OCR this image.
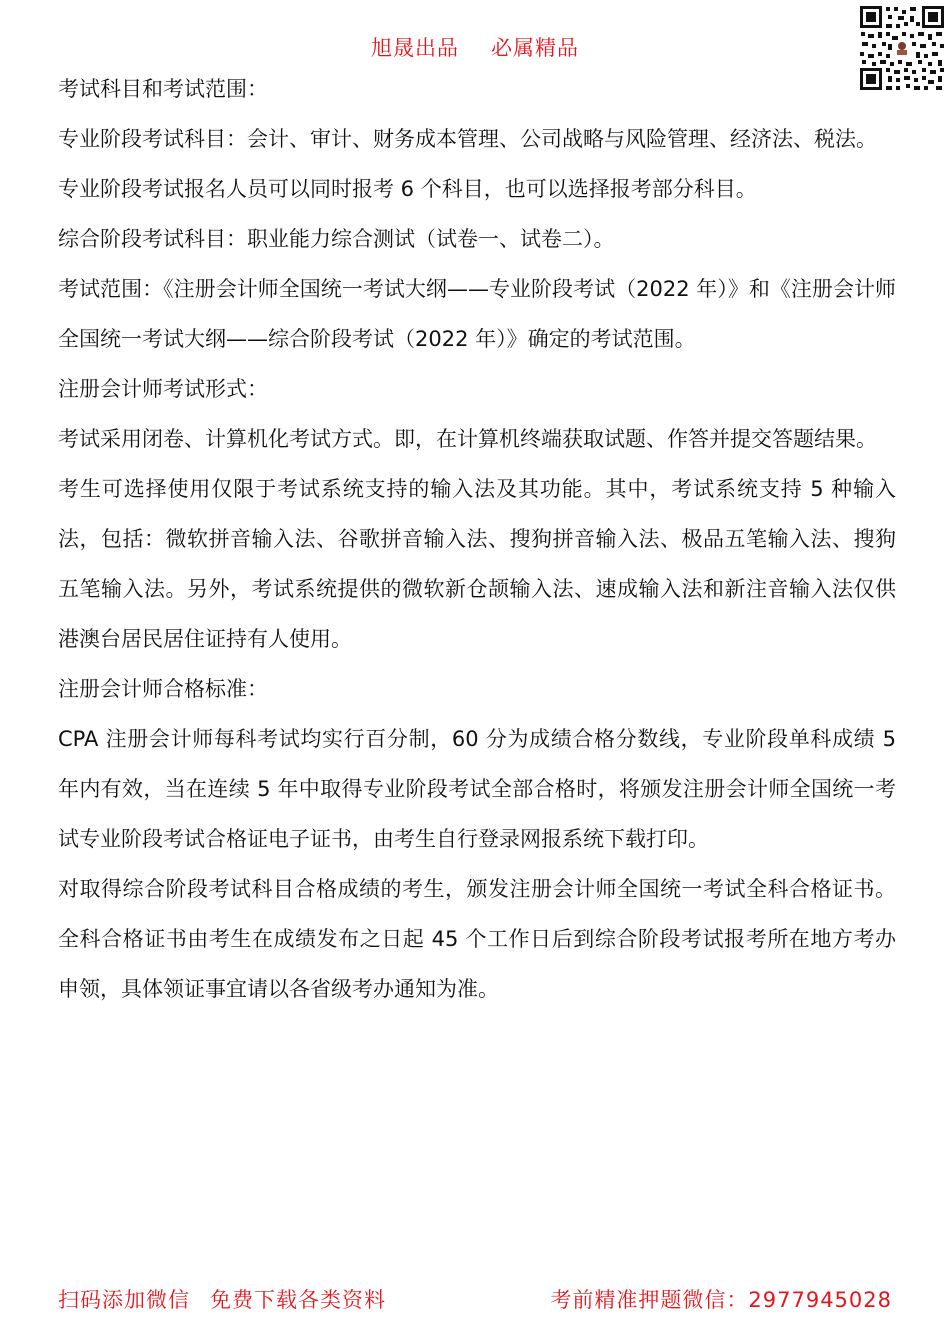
旭晟出品 必属精品

考试科目和考试范围：

专业阶段考试科目：会计、审计、财务成本管理、公司战略与风险管理、经济法、税法。

专业阶段考试报名人员可以同时报考 6 个科目，也可以选择报考部分科目。

综合阶段考试科目：职业能力综合测试（试卷一、试卷二）。

考试范围：《注册会计师全国统一考试大纲——专业阶段考试（2022 年）》和《注册会计师全国统一考试大纲——综合阶段考试（2022 年）》确定的考试范围。

注册会计师考试形式：

考试采用闭卷、计算机化考试方式。即，在计算机终端获取试题、作答并提交答题结果。

考生可选择使用仅限于考试系统支持的输入法及其功能。其中，考试系统支持 5 种输入法，包括：微软拼音输入法、谷歌拼音输入法、搜狗拼音输入法、极品五笔输入法、搜狗五笔输入法。另外，考试系统提供的微软新仓颉输入法、速成输入法和新注音输入法仅供港澳台居民居住证持有人使用。

注册会计师合格标准：

CPA 注册会计师每科考试均实行百分制，60 分为成绩合格分数线，专业阶段单科成绩 5 年内有效，当在连续 5 年中取得专业阶段考试全部合格时，将颁发注册会计师全国统一考试专业阶段考试合格证电子证书，由考生自行登录网报系统下载打印。

对取得综合阶段考试科目合格成绩的考生，颁发注册会计师全国统一考试全科合格证书。全科合格证书由考生在成绩发布之日起 45 个工作日后到综合阶段考试报考所在地方考办申领，具体领证事宜请以各省级考办通知为准。

扫码添加微信 免费下载各类资料	考前精准押题微信：2977945028
